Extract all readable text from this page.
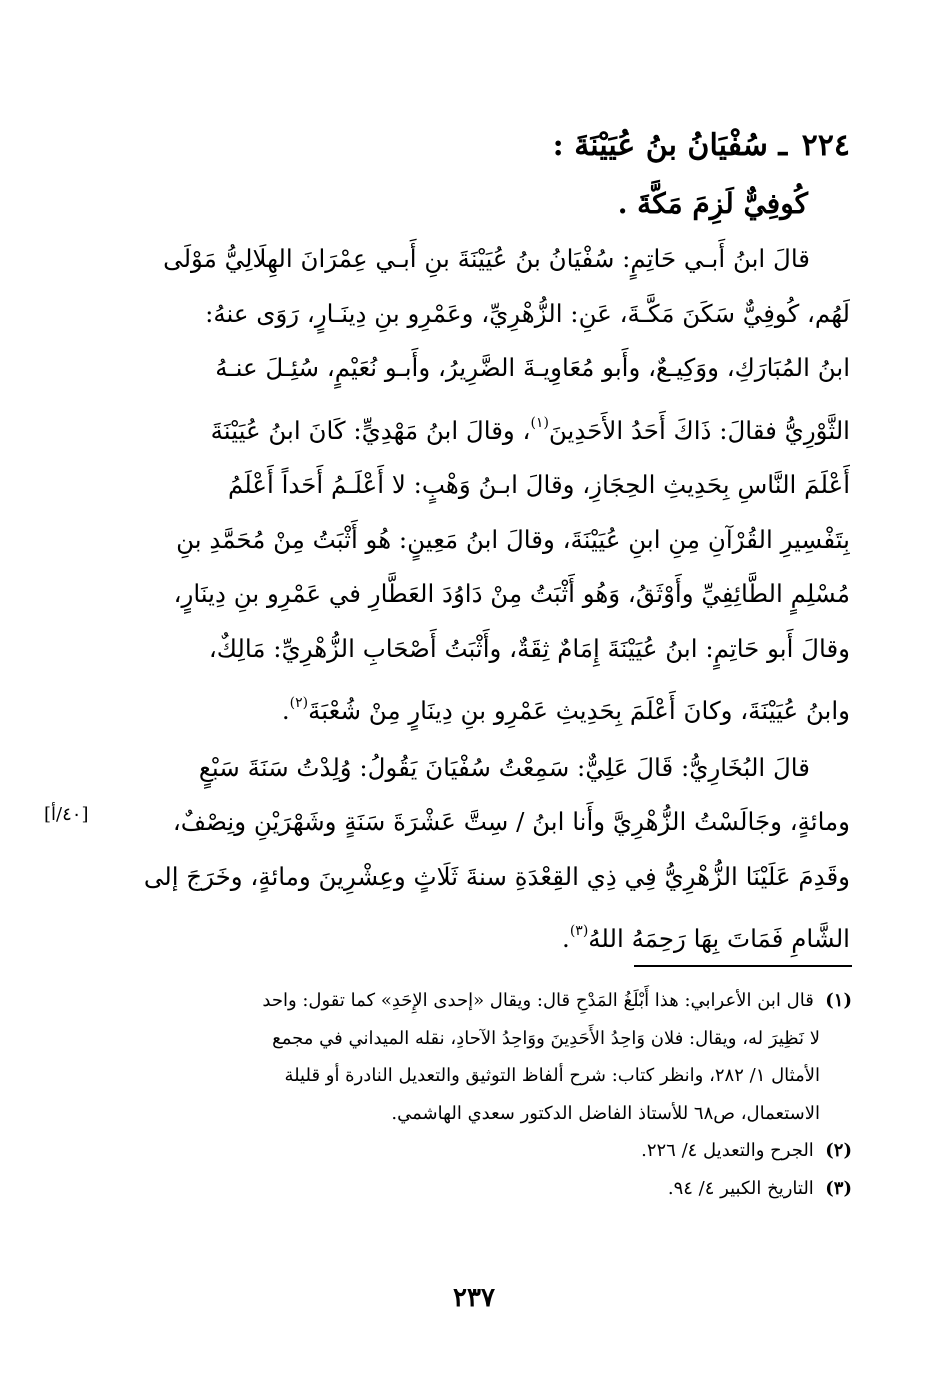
٢٢٤ ـ سُفْيَانُ بنُ عُيَيْنَةَ :

كُوفِيٌّ لَزِمَ مَكَّةَ .

قالَ ابنُ أَبـي حَاتِمٍ: سُفْيَانُ بنُ عُيَيْنَةَ بنِ أَبـي عِمْرَانَ الهِلَالِيُّ مَوْلَى
لَهُم، كُوفِيٌّ سَكَنَ مَكَّـةَ، عَنِ: الزُّهْرِيِّ، وعَمْرِو بنِ دِينَـارٍ، رَوَى عنهُ:
ابنُ المُبَارَكِ، ووَكِيـعٌ، وأَبو مُعَاوِيـةَ الضَّرِيرُ، وأَبـو نُعَيْمٍ، سُئِـلَ عنـهُ
الثَّوْرِيُّ فقالَ: ذَاكَ أَحَدُ الأَحَدِينَ$^{(١)}$، وقالَ ابنُ مَهْدِيٍّ: كَانَ ابنُ عُيَيْنَةَ
أَعْلَمَ النَّاسِ بِحَدِيثِ الحِجَازِ، وقالَ ابـنُ وَهْبٍ: لا أَعْلَـمُ أَحَداً أَعْلَمُ
بِتَفْسِيرِ القُرْآنِ مِنِ ابنِ عُيَيْنَةَ، وقالَ ابنُ مَعِينٍ: هُو أَثْبَتُ مِنْ مُحَمَّدِ بنِ
مُسْلِمٍ الطَّائِفِيِّ وأَوْثَقُ، وَهُو أَثْبَتُ مِنْ دَاوُدَ العَطَّارِ في عَمْرِو بنِ دِينَارٍ،
وقالَ أَبو حَاتِمٍ: ابنُ عُيَيْنَةَ إِمَامٌ ثِقَةٌ، وأَثْبَتُ أَصْحَابِ الزُّهْرِيِّ: مَالِكٌ،
وابنُ عُيَيْنَةَ، وكانَ أَعْلَمَ بِحَدِيثِ عَمْرِو بنِ دِينَارٍ مِنْ شُعْبَةَ$^{(٢)}$.
قالَ البُخَارِيُّ: قَالَ عَلِيٌّ: سَمِعْتُ سُفْيَانَ يَقُولُ: وُلِدْتُ سَنَةَ سَبْعٍ
ومائةٍ، وجَالَسْتُ الزُّهْرِيَّ وأَنا ابنُ / سِتَّ عَشْرَةَ سَنَةٍ وشَهْرَيْنِ ونِصْفٌ،
وقَدِمَ عَلَيْنَا الزُّهْرِيُّ فِي ذِي القِعْدَةِ سنةَ ثَلَاثٍ وعِشْرِينَ ومائةٍ، وخَرَجَ إلى
الشَّامِ فَمَاتَ بِهَا رَحِمَهُ اللهُ$^{(٣)}$.
[٤٠/أ]
(١)  قال ابن الأعرابي: هذا أَبْلَغُ المَدْحِ قال: ويقال «إحدى الإِحَدِ» كما تقول: واحد
لا نَظِيرَ له، ويقال: فلان وَاحِدُ الأَحَدِينَ ووَاحِدُ الآحادِ، نقله الميداني في مجمع
الأمثال ١/ ٢٨٢، وانظر كتاب: شرح ألفاظ التوثيق والتعديل النادرة أو قليلة
الاستعمال، ص٦٨ للأستاذ الفاضل الدكتور سعدي الهاشمي.
(٢)  الجرح والتعديل ٤/ ٢٢٦.
(٣)  التاريخ الكبير ٤/ ٩٤.
٢٣٧
